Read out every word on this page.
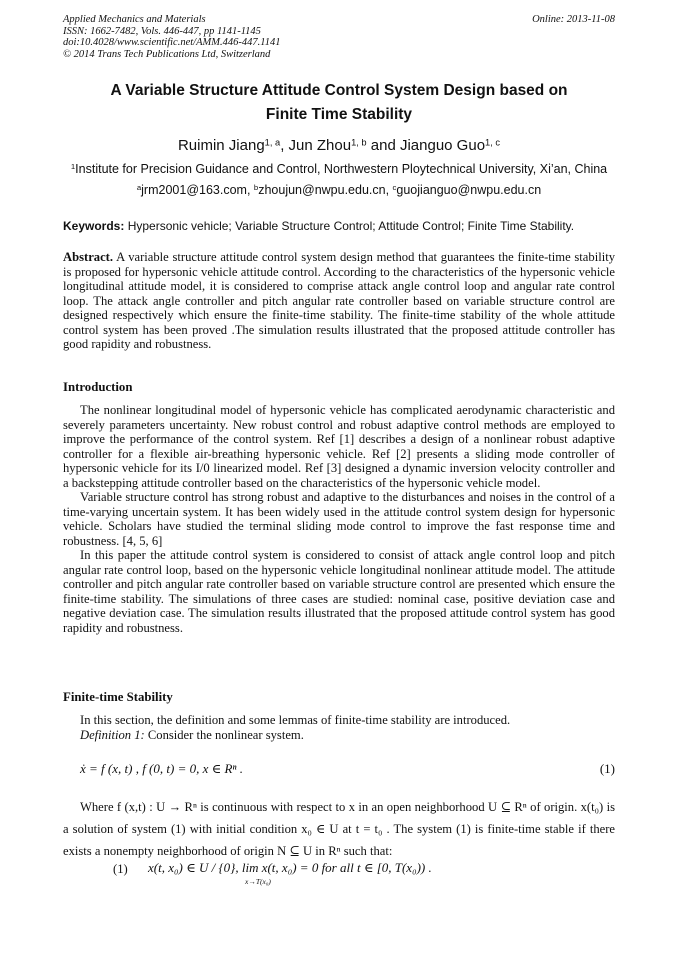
Applied Mechanics and Materials
ISSN: 1662-7482, Vols. 446-447, pp 1141-1145
doi:10.4028/www.scientific.net/AMM.446-447.1141
© 2014 Trans Tech Publications Ltd, Switzerland
Online: 2013-11-08
A Variable Structure Attitude Control System Design based on
Finite Time Stability
Ruimin Jiang$^{1, a}$, Jun Zhou$^{1, b}$ and Jianguo Guo$^{1, c}$
$^1$Institute for Precision Guidance and Control, Northwestern Ploytechnical University, Xi’an, China
$^a$jrm2001@163.com, $^b$zhoujun@nwpu.edu.cn, $^c$guojianguo@nwpu.edu.cn
Keywords: Hypersonic vehicle; Variable Structure Control; Attitude Control; Finite Time Stability.
Abstract. A variable structure attitude control system design method that guarantees the finite-time stability is proposed for hypersonic vehicle attitude control. According to the characteristics of the hypersonic vehicle longitudinal attitude model, it is considered to comprise attack angle control loop and angular rate control loop. The attack angle controller and pitch angular rate controller based on variable structure control are designed respectively which ensure the finite-time stability. The finite-time stability of the whole attitude control system has been proved .The simulation results illustrated that the proposed attitude controller has good rapidity and robustness.
Introduction

The nonlinear longitudinal model of hypersonic vehicle has complicated aerodynamic characteristic and severely parameters uncertainty. New robust control and robust adaptive control methods are employed to improve the performance of the control system. Ref [1] describes a design of a nonlinear robust adaptive controller for a flexible air-breathing hypersonic vehicle. Ref [2] presents a sliding mode controller of hypersonic vehicle for its I/0 linearized model. Ref [3] designed a dynamic inversion velocity controller and a backstepping attitude controller based on the characteristics of the hypersonic vehicle model.

Variable structure control has strong robust and adaptive to the disturbances and noises in the control of a time-varying uncertain system. It has been widely used in the attitude control system design for hypersonic vehicle. Scholars have studied the terminal sliding mode control to improve the fast response time and robustness. [4, 5, 6]

In this paper the attitude control system is considered to consist of attack angle control loop and pitch angular rate control loop, based on the hypersonic vehicle longitudinal nonlinear attitude model. The attitude controller and pitch angular rate controller based on variable structure control are presented which ensure the finite-time stability. The simulations of three cases are studied: nominal case, positive deviation case and negative deviation case. The simulation results illustrated that the proposed attitude control system has good rapidity and robustness.

Finite-time Stability

In this section, the definition and some lemmas of finite-time stability are introduced.

Definition 1: Consider the nonlinear system.

ẋ = f (x, t) , f (0, t) = 0, x ∈ Rⁿ .	(1)

Where f (x,t) : U → Rⁿ is continuous with respect to x in an open neighborhood U ⊆ Rⁿ of origin. x(t₀) is a solution of system (1) with initial condition x₀ ∈ U at t = t₀ . The system (1) is finite-time stable if there exists a nonempty neighborhood of origin N ⊆ U in Rⁿ such that:

(1) x(t, x₀) ∈ U / {0}, lim x(t, x₀) = 0 for all t ∈ [0, T(x₀)) .
x→T(x₀)
